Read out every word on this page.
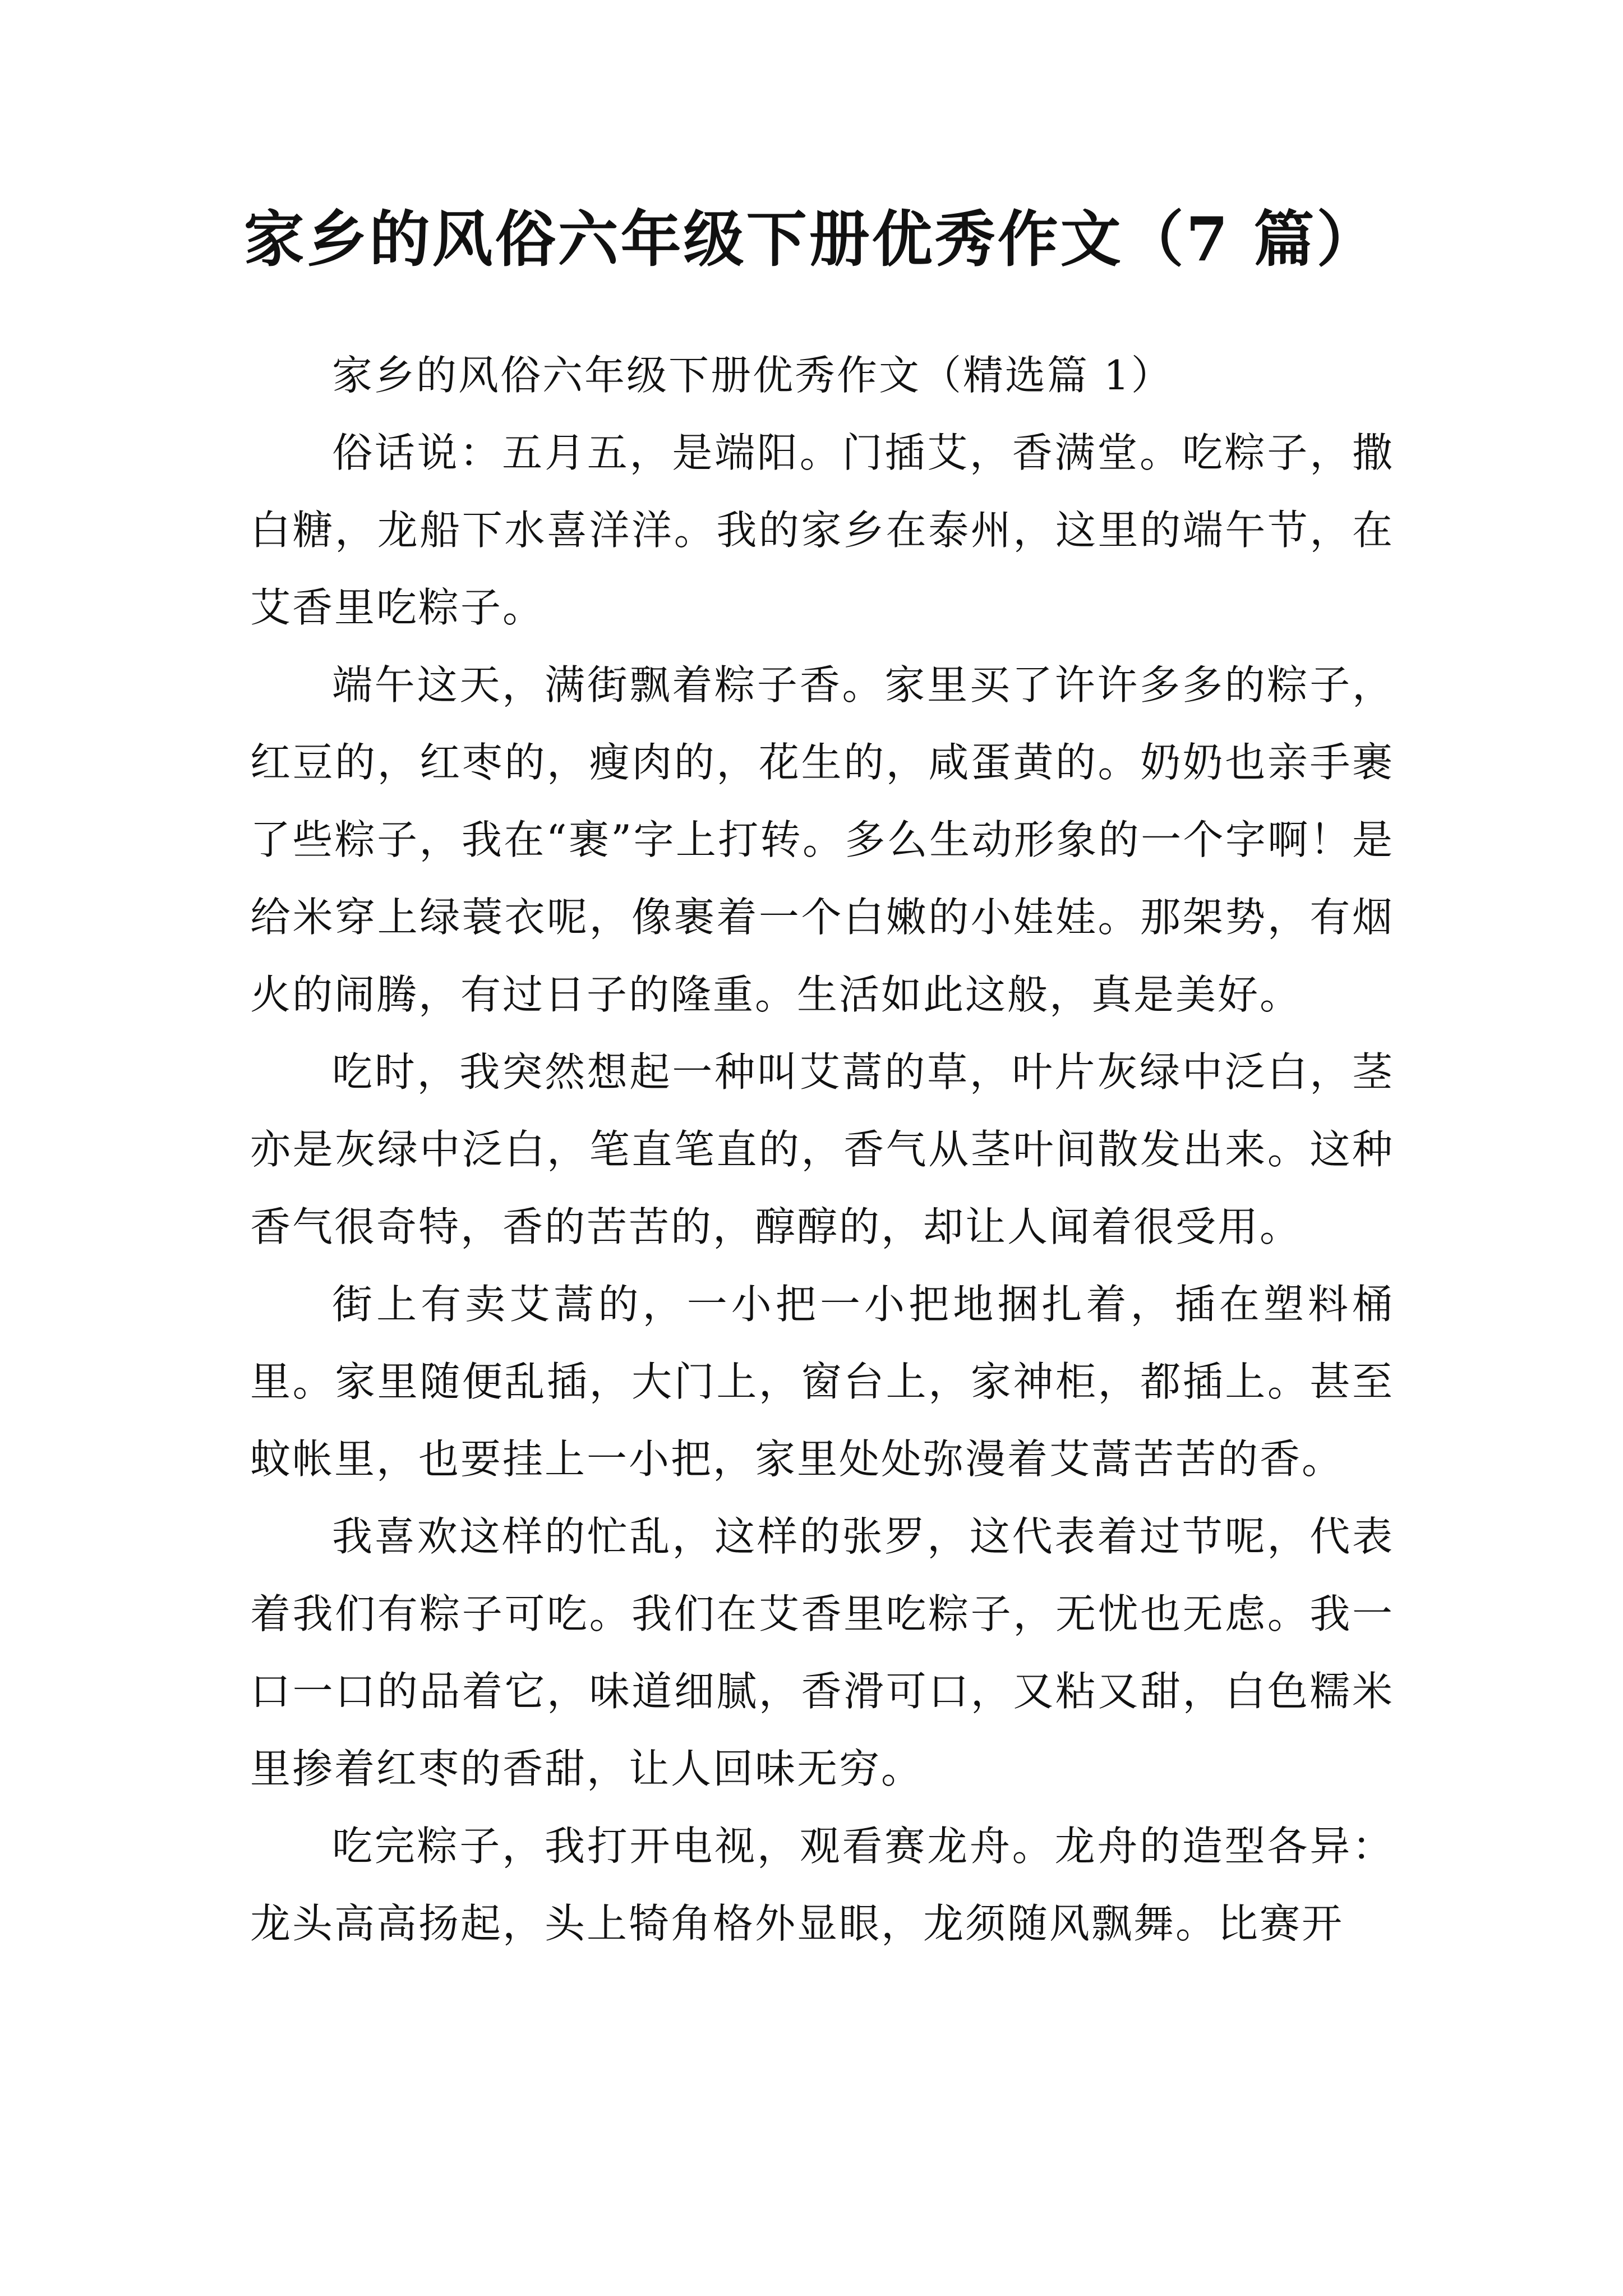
家乡的风俗六年级下册优秀作文（7 篇）

家乡的风俗六年级下册优秀作文（精选篇 1）

俗话说：五月五，是端阳。门插艾，香满堂。吃粽子，撒白糖，龙船下水喜洋洋。我的家乡在泰州，这里的端午节，在艾香里吃粽子。

端午这天，满街飘着粽子香。家里买了许许多多的粽子，红豆的，红枣的，瘦肉的，花生的，咸蛋黄的。奶奶也亲手裹了些粽子，我在“裹”字上打转。多么生动形象的一个字啊！是给米穿上绿蓑衣呢，像裹着一个白嫩的小娃娃。那架势，有烟火的闹腾，有过日子的隆重。生活如此这般，真是美好。

吃时，我突然想起一种叫艾蒿的草，叶片灰绿中泛白，茎亦是灰绿中泛白，笔直笔直的，香气从茎叶间散发出来。这种香气很奇特，香的苦苦的，醇醇的，却让人闻着很受用。

街上有卖艾蒿的，一小把一小把地捆扎着，插在塑料桶里。家里随便乱插，大门上，窗台上，家神柜，都插上。甚至蚊帐里，也要挂上一小把，家里处处弥漫着艾蒿苦苦的香。

我喜欢这样的忙乱，这样的张罗，这代表着过节呢，代表着我们有粽子可吃。我们在艾香里吃粽子，无忧也无虑。我一口一口的品着它，味道细腻，香滑可口，又粘又甜，白色糯米里掺着红枣的香甜，让人回味无穷。

吃完粽子，我打开电视，观看赛龙舟。龙舟的造型各异：龙头高高扬起，头上犄角格外显眼，龙须随风飘舞。比赛开
